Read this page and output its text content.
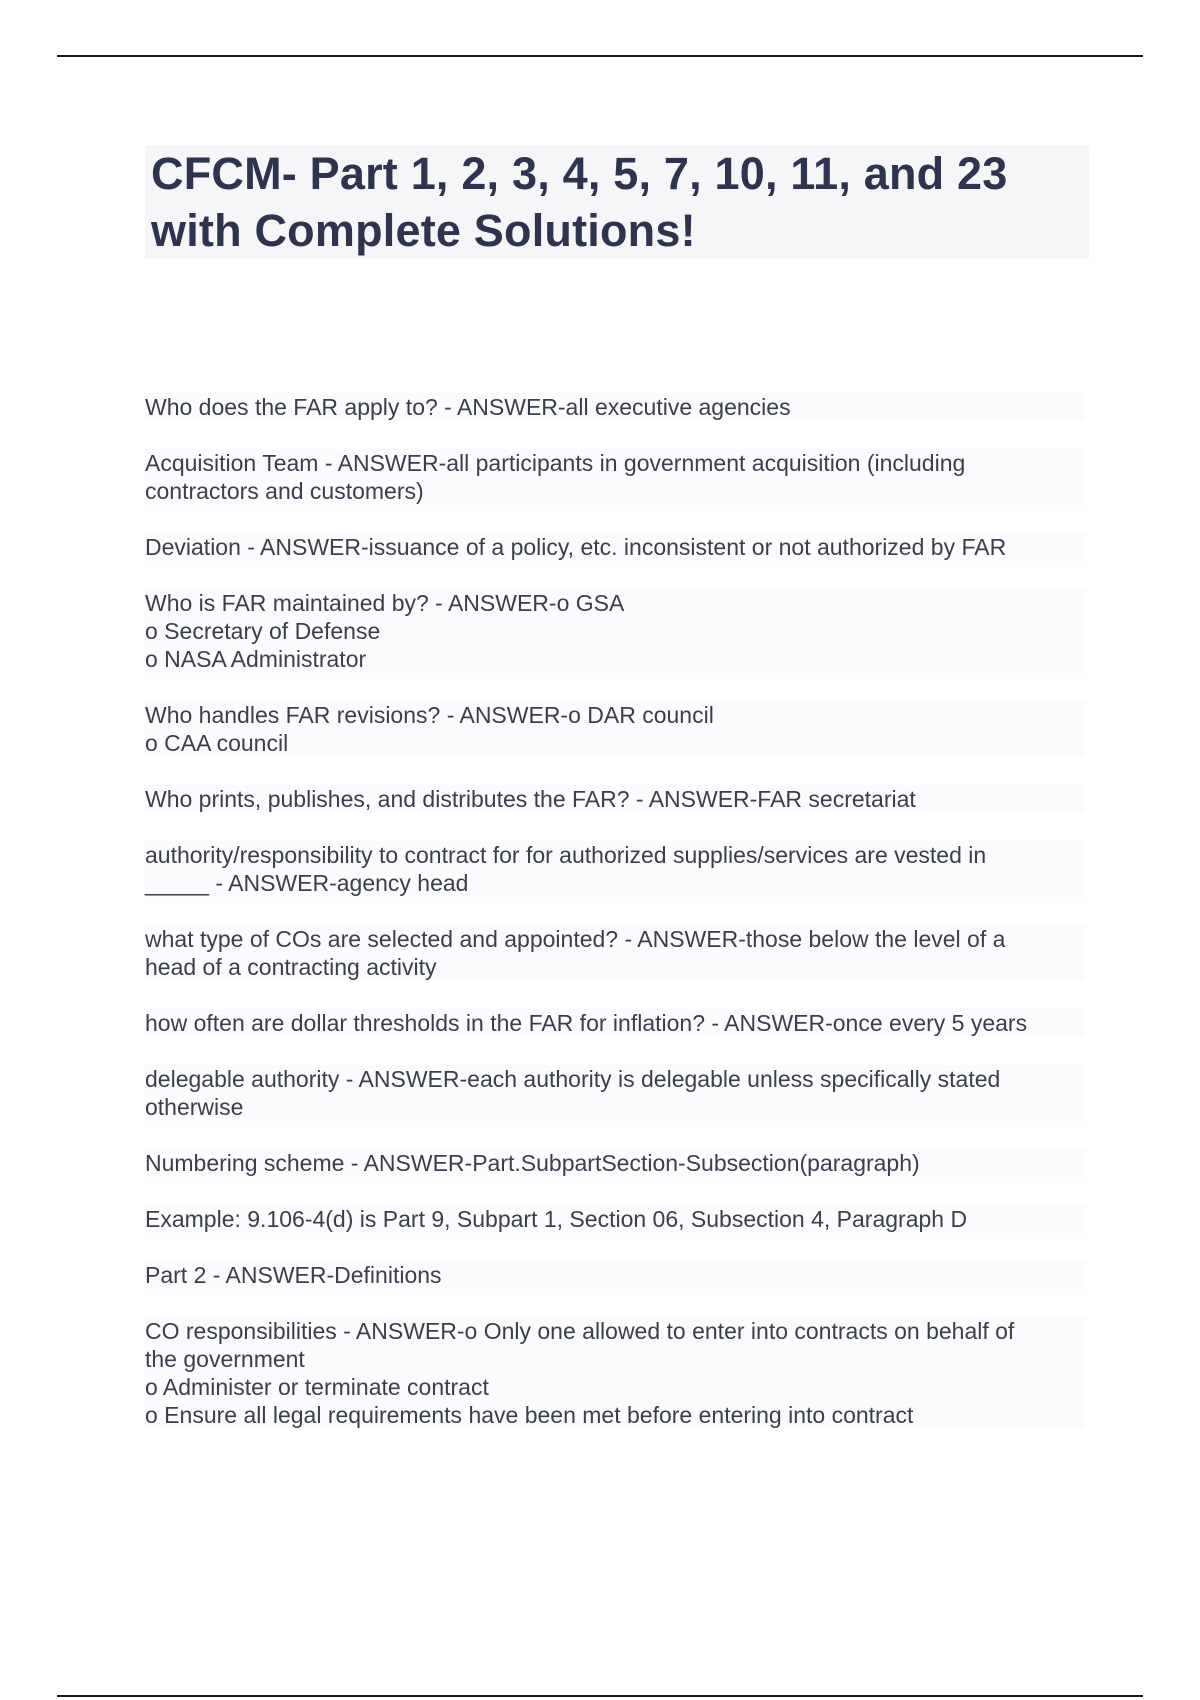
CFCM- Part 1, 2, 3, 4, 5, 7, 10, 11, and 23
with Complete Solutions!
Who does the FAR apply to? - ANSWER-all executive agencies
Acquisition Team - ANSWER-all participants in government acquisition (including
contractors and customers)
Deviation - ANSWER-issuance of a policy, etc. inconsistent or not authorized by FAR
Who is FAR maintained by? - ANSWER-o GSA
o Secretary of Defense
o NASA Administrator
Who handles FAR revisions? - ANSWER-o DAR council
o CAA council
Who prints, publishes, and distributes the FAR? - ANSWER-FAR secretariat
authority/responsibility to contract for for authorized supplies/services are vested in
_____ - ANSWER-agency head
what type of COs are selected and appointed? - ANSWER-those below the level of a
head of a contracting activity
how often are dollar thresholds in the FAR for inflation? - ANSWER-once every 5 years
delegable authority - ANSWER-each authority is delegable unless specifically stated
otherwise
Numbering scheme - ANSWER-Part.SubpartSection-Subsection(paragraph)
Example: 9.106-4(d) is Part 9, Subpart 1, Section 06, Subsection 4, Paragraph D
Part 2 - ANSWER-Definitions
CO responsibilities - ANSWER-o Only one allowed to enter into contracts on behalf of
the government
o Administer or terminate contract
o Ensure all legal requirements have been met before entering into contract
